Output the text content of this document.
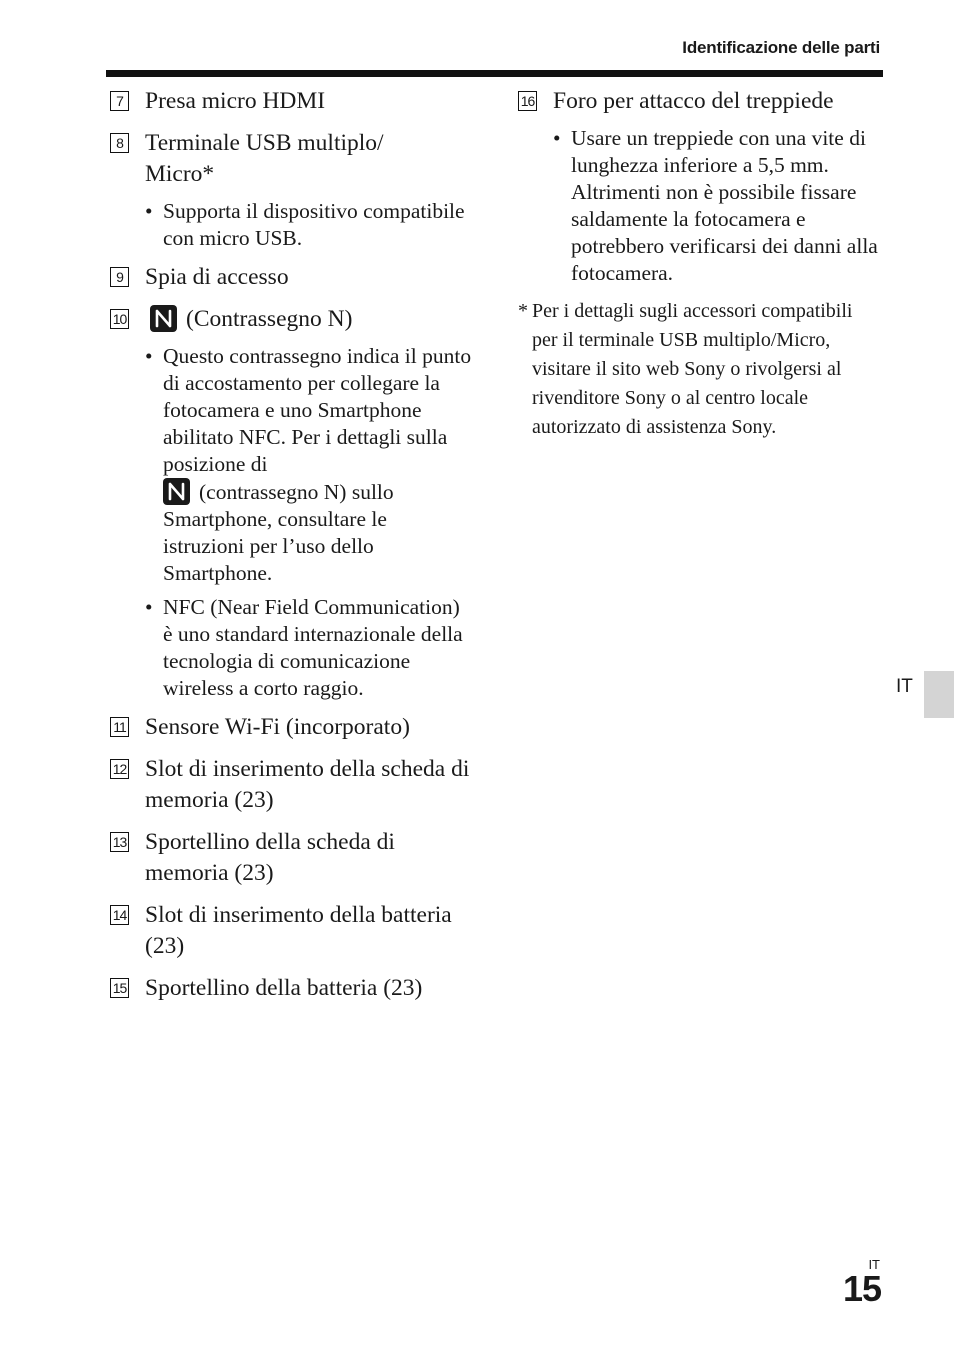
Identificazione delle parti
7 Presa micro HDMI
8 Terminale USB multiplo/
Micro*
• Supporta il dispositivo compatibile con micro USB.
9 Spia di accesso
10	(Contrassegno N)
• Questo contrassegno indica il punto di accostamento per collegare la fotocamera e uno Smartphone abilitato NFC. Per i dettagli sulla posizione di

(contrassegno N) sullo Smartphone, consultare le istruzioni per l’uso dello Smartphone.
• NFC (Near Field Communication) è uno standard internazionale della tecnologia di comunicazione wireless a corto raggio.
11 Sensore Wi-Fi (incorporato)
12 Slot di inserimento della scheda di memoria (23)
13 Sportellino della scheda di memoria (23)
14 Slot di inserimento della batteria (23)
15 Sportellino della batteria (23)
16 Foro per attacco del treppiede
• Usare un treppiede con una vite di lunghezza inferiore a 5,5 mm. Altrimenti non è possibile fissare saldamente la fotocamera e potrebbero verificarsi dei danni alla fotocamera.
* Per i dettagli sugli accessori compatibili per il terminale USB multiplo/Micro, visitare il sito web Sony o rivolgersi al rivenditore Sony o al centro locale autorizzato di assistenza Sony.
IT
IT
15
